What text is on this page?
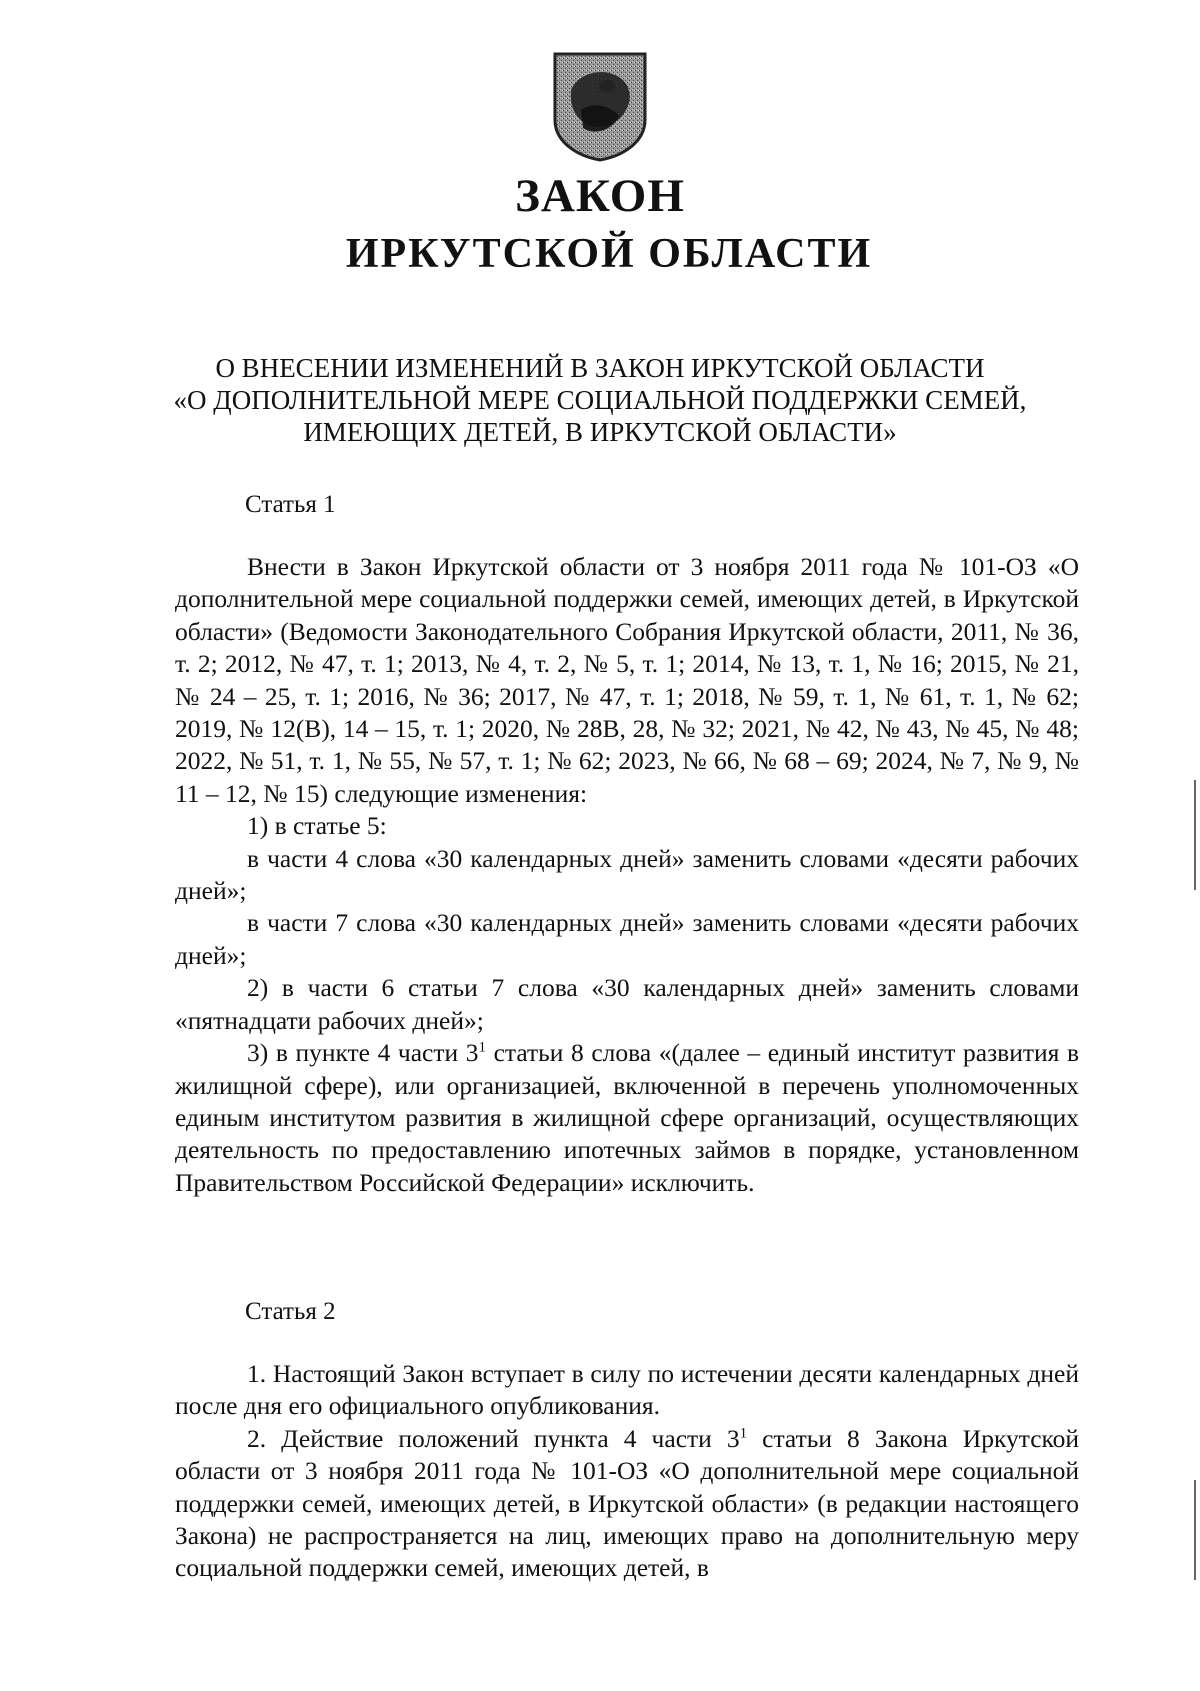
ЗАКОН
ИРКУТСКОЙ ОБЛАСТИ
О ВНЕСЕНИИ ИЗМЕНЕНИЙ В ЗАКОН ИРКУТСКОЙ ОБЛАСТИ
«О ДОПОЛНИТЕЛЬНОЙ МЕРЕ СОЦИАЛЬНОЙ ПОДДЕРЖКИ СЕМЕЙ,
ИМЕЮЩИХ ДЕТЕЙ, В ИРКУТСКОЙ ОБЛАСТИ»
Статья 1

Внести в Закон Иркутской области от 3 ноября 2011 года № 101-ОЗ «О дополнительной мере социальной поддержки семей, имеющих детей, в Иркутской области» (Ведомости Законодательного Собрания Иркутской области, 2011, № 36, т. 2; 2012, № 47, т. 1; 2013, № 4, т. 2, № 5, т. 1; 2014, № 13, т. 1, № 16; 2015, № 21, № 24 – 25, т. 1; 2016, № 36; 2017, № 47, т. 1; 2018, № 59, т. 1, № 61, т. 1, № 62; 2019, № 12(В), 14 – 15, т. 1; 2020, № 28В, 28, № 32; 2021, № 42, № 43, № 45, № 48; 2022, № 51, т. 1, № 55, № 57, т. 1; № 62; 2023, № 66, № 68 – 69; 2024, № 7, № 9, № 11 – 12, № 15) следующие изменения:

1) в статье 5:

в части 4 слова «30 календарных дней» заменить словами «десяти рабочих дней»;

в части 7 слова «30 календарных дней» заменить словами «десяти рабочих дней»;

2) в части 6 статьи 7 слова «30 календарных дней» заменить словами «пятнадцати рабочих дней»;

3) в пункте 4 части $3^1$ статьи 8 слова «(далее – единый институт развития в жилищной сфере), или организацией, включенной в перечень уполномоченных единым институтом развития в жилищной сфере организаций, осуществляющих деятельность по предоставлению ипотечных займов в порядке, установленном Правительством Российской Федерации» исключить.

Статья 2

1. Настоящий Закон вступает в силу по истечении десяти календарных дней после дня его официального опубликования.

2. Действие положений пункта 4 части $3^1$ статьи 8 Закона Иркутской области от 3 ноября 2011 года № 101-ОЗ «О дополнительной мере социальной поддержки семей, имеющих детей, в Иркутской области» (в редакции настоящего Закона) не распространяется на лиц, имеющих право на дополнительную меру социальной поддержки семей, имеющих детей, в
